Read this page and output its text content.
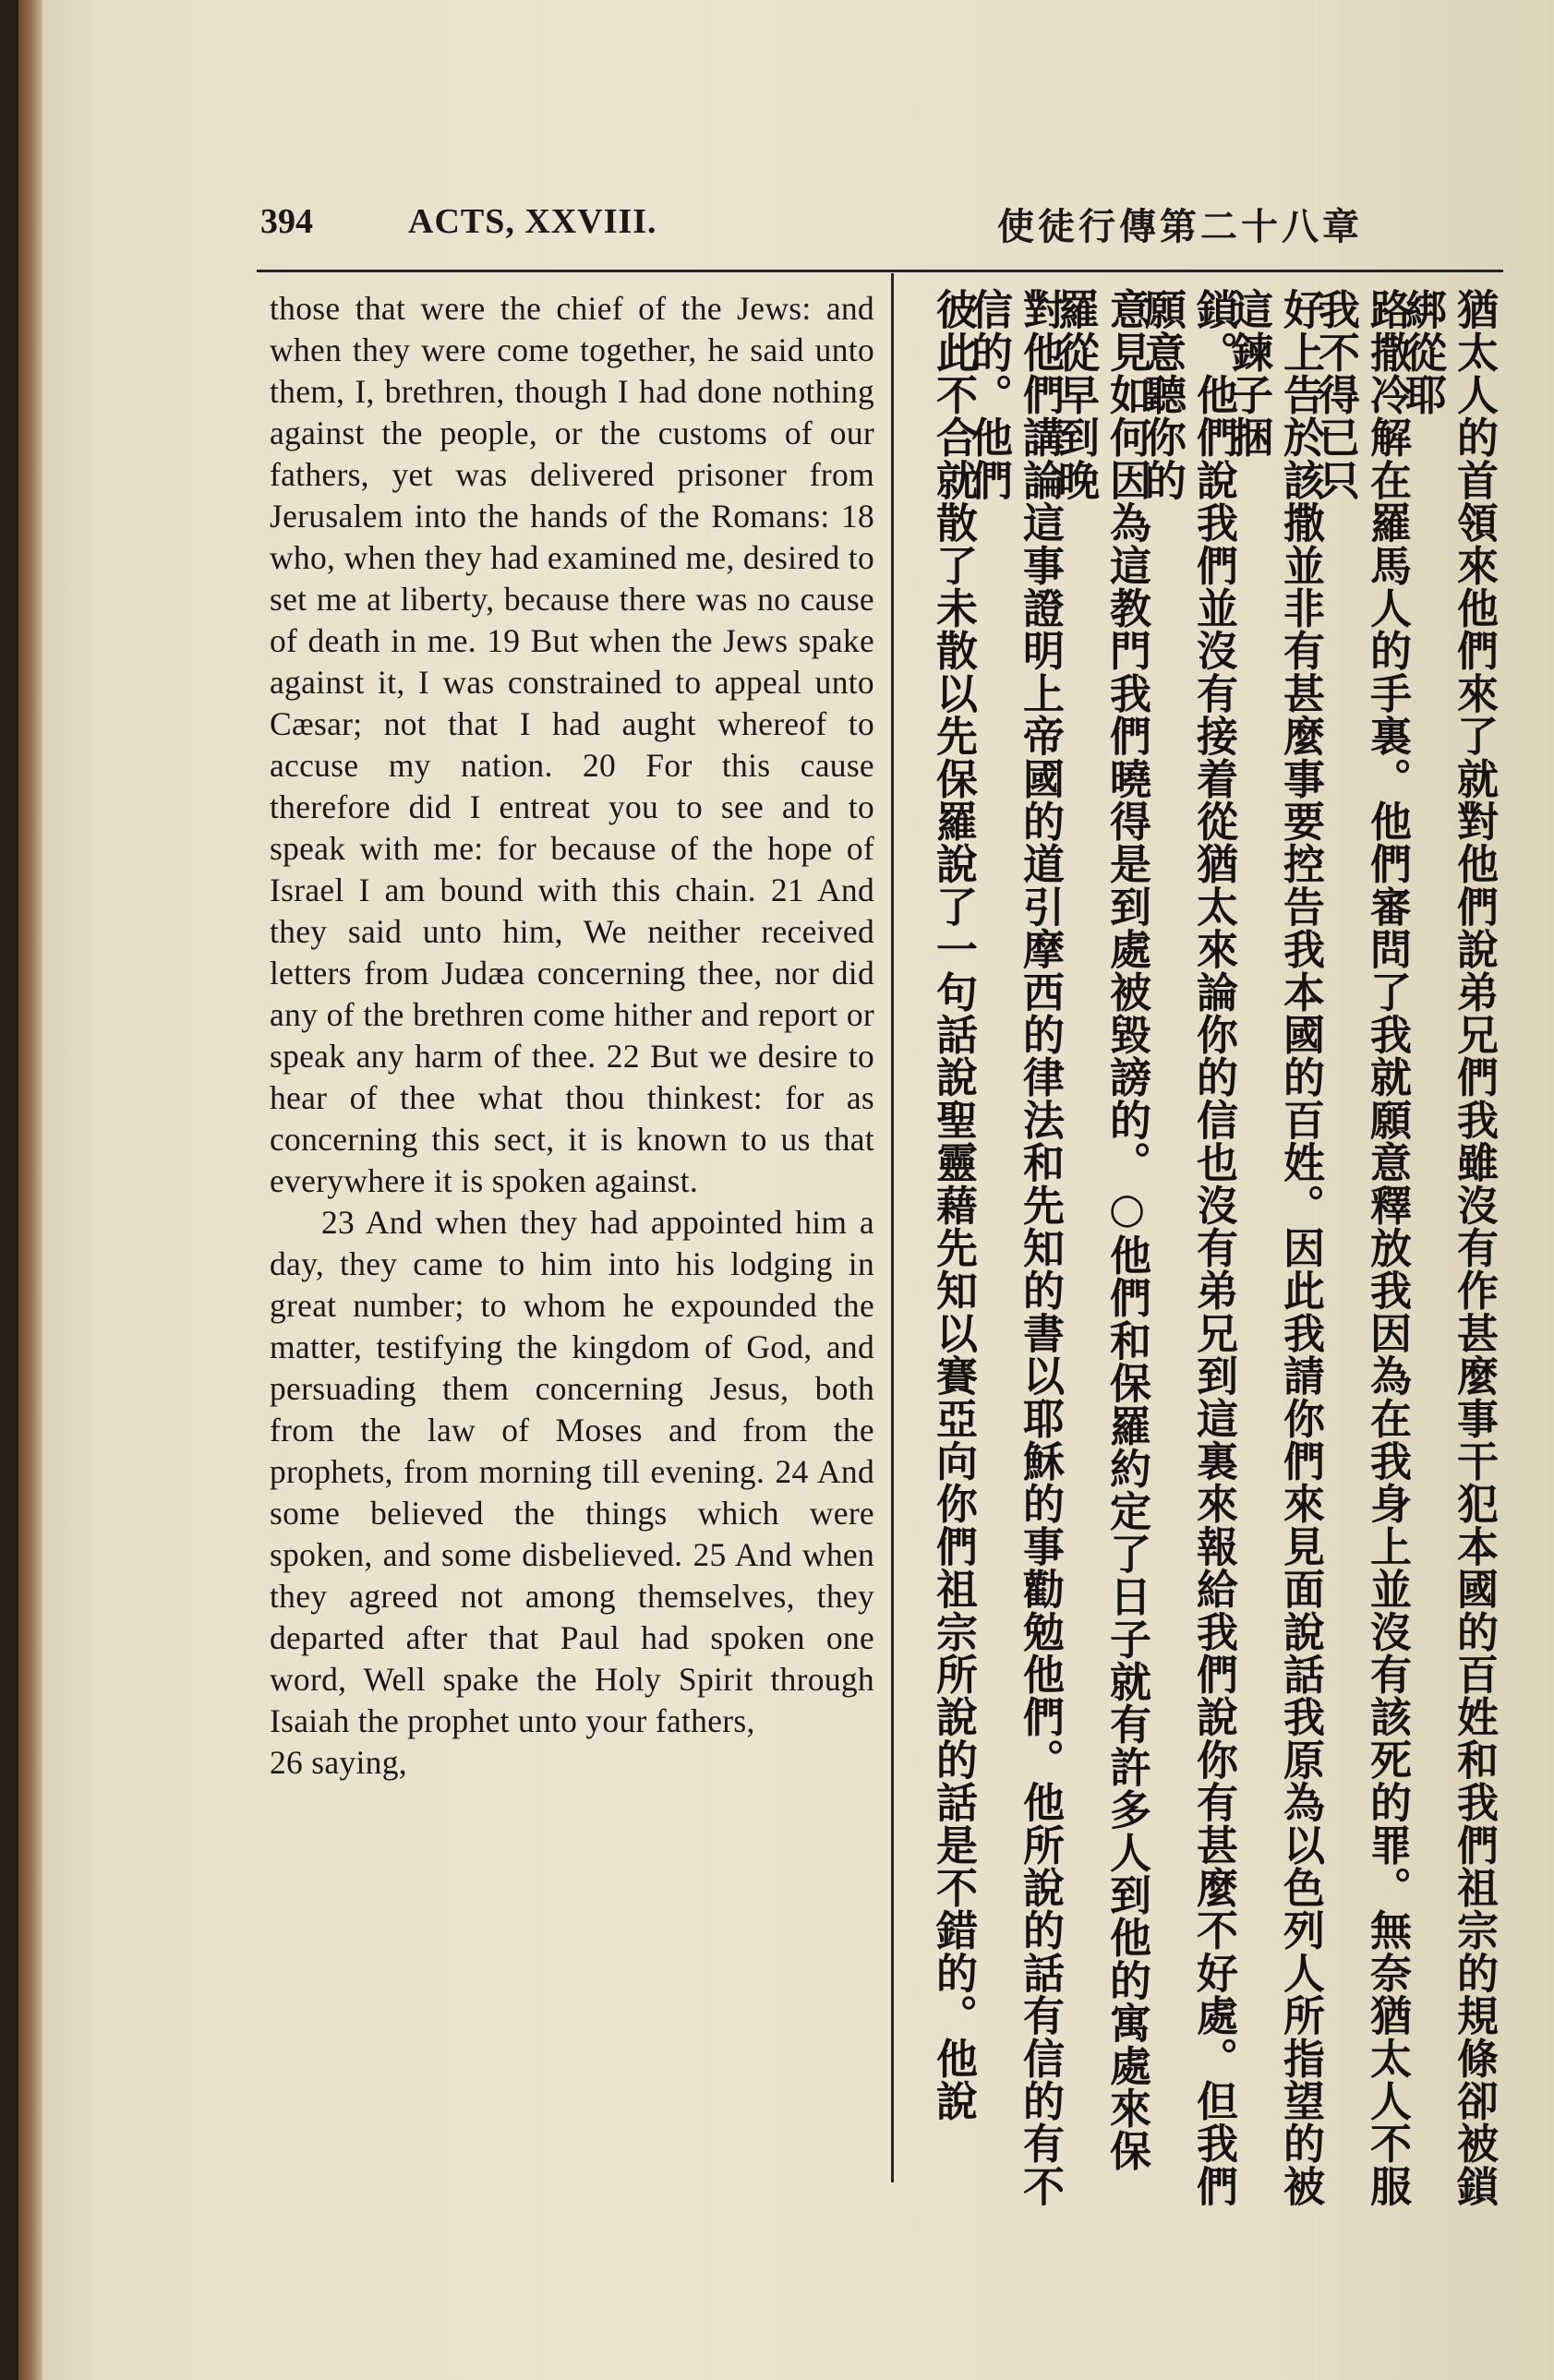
394	ACTS, XXVIII.	使徒行傳第二十八章

those that were the chief of the Jews: and when they were come together, he said unto them, I, brethren, though I had done nothing against the people, or the customs of our fathers, yet was delivered prisoner from Jerusalem into the hands of the Romans: 18 who, when they had examined me, desired to set me at liberty, because there was no cause of death in me. 19 But when the Jews spake against it, I was constrained to appeal unto Cæsar; not that I had aught whereof to accuse my nation. 20 For this cause therefore did I entreat you to see and to speak with me: for because of the hope of Israel I am bound with this chain. 21 And they said unto him, We neither received letters from Judæa concerning thee, nor did any of the brethren come hither and report or speak any harm of thee. 22 But we desire to hear of thee what thou thinkest: for as concerning this sect, it is known to us that everywhere it is spoken against.

23 And when they had appointed him a day, they came to him into his lodging in great number; to whom he expounded the matter, testifying the kingdom of God, and persuading them concerning Jesus, both from the law of Moses and from the prophets, from morning till evening. 24 And some believed the things which were spoken, and some disbelieved. 25 And when they agreed not among themselves, they departed after that Paul had spoken one word, Well spake the Holy Spirit through Isaiah the prophet unto your fathers,

26 saying,	猶太人的首領來他們來了就對他們說弟兄們我雖沒有作甚麼事干犯本國的百姓和我們祖宗的規條卻被鎖綁從耶
路撒冷解在羅馬人的手裏。他們審問了我就願意釋放我因為在我身上並沒有該死的罪。無奈猶太人不服我不得已只
好上告於該撒並非有甚麼事要控告我本國的百姓。因此我請你們來見面說話我原為以色列人所指望的被這鍊子捆
鎖。他們說我們並沒有接着從猶太來論你的信也沒有弟兄到這裏來報給我們說你有甚麼不好處。但我們願意聽你的
意見如何因為這教門我們曉得是到處被毀謗的。○他們和保羅約定了日子就有許多人到他的寓處來保羅從早到晚
對他們講論這事證明上帝國的道引摩西的律法和先知的書以耶穌的事勸勉他們。他所說的話有信的有不信的。他們
彼此不合就散了未散以先保羅說了一句話說聖靈藉先知以賽亞向你們祖宗所說的話是不錯的。他說
